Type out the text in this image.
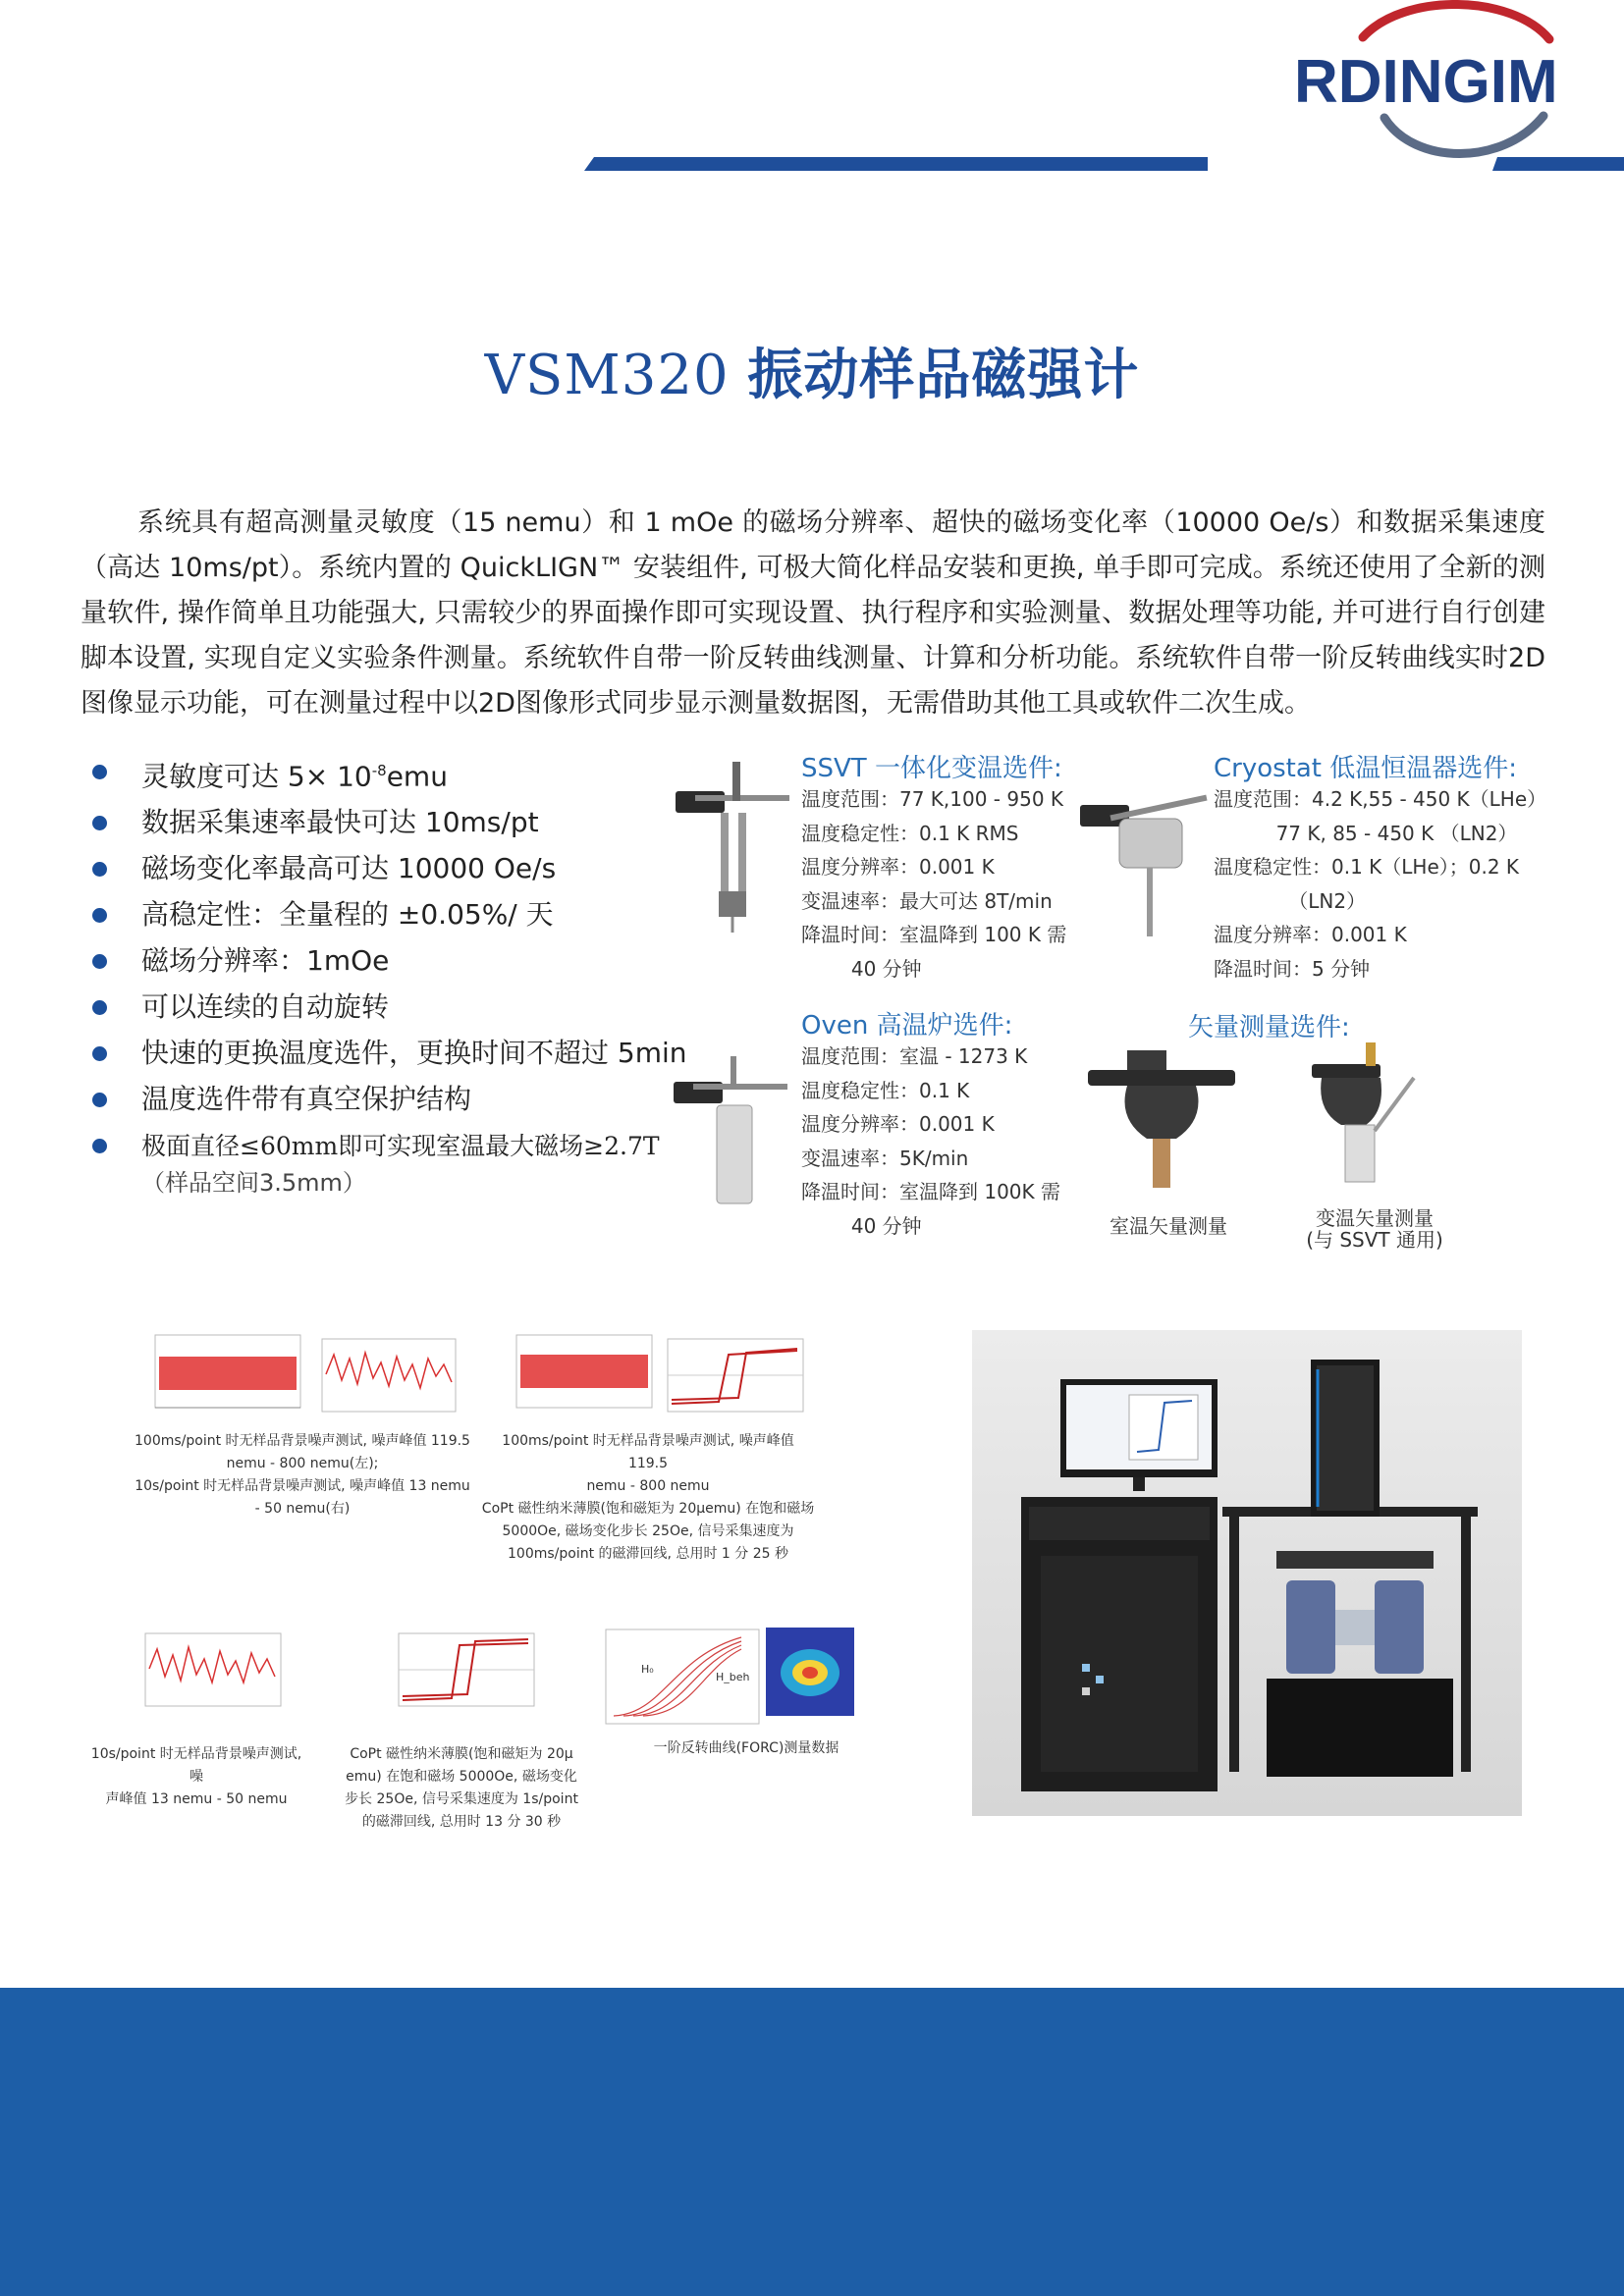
RDINGIM
VSM320 振动样品磁强计
系统具有超高测量灵敏度（15 nemu）和 1 mOe 的磁场分辨率、超快的磁场变化率（10000 Oe/s）和数据采集速度（高达 10ms/pt）。系统内置的 QuickLIGN™ 安装组件, 可极大简化样品安装和更换, 单手即可完成。系统还使用了全新的测量软件, 操作简单且功能强大, 只需较少的界面操作即可实现设置、执行程序和实验测量、数据处理等功能, 并可进行自行创建脚本设置, 实现自定义实验条件测量。系统软件自带一阶反转曲线测量、计算和分析功能。系统软件自带一阶反转曲线实时2D图像显示功能，可在测量过程中以2D图像形式同步显示测量数据图，无需借助其他工具或软件二次生成。
灵敏度可达 $5\times 10^{-8}emu$
数据采集速率最快可达 10ms/pt
磁场变化率最高可达 10000 Oe/s
高稳定性：全量程的 ±0.05%/ 天
磁场分辨率：1mOe
可以连续的自动旋转
快速的更换温度选件，更换时间不超过 5min
温度选件带有真空保护结构
极面直径≤60mm即可实现室温最大磁场≥2.7T
（样品空间3.5mm）
SSVT 一体化变温选件:
温度范围：77 K,100 - 950 K
温度稳定性：0.1 K RMS
温度分辨率：0.001 K
变温速率：最大可达 8T/min
降温时间：室温降到 100 K 需
40 分钟
Cryostat 低温恒温器选件:
温度范围：4.2 K,55 - 450 K（LHe）
77 K, 85 - 450 K （LN2）
温度稳定性：0.1 K（LHe）；0.2 K
（LN2）
温度分辨率：0.001 K
降温时间：5 分钟
Oven 高温炉选件:
温度范围：室温 - 1273 K
温度稳定性：0.1 K
温度分辨率：0.001 K
变温速率：5K/min
降温时间：室温降到 100K 需
40 分钟
矢量测量选件:
室温矢量测量	变温矢量测量
(与 SSVT 通用)
H₀
H_beh
100ms/point 时无样品背景噪声测试, 噪声峰值 119.5
nemu - 800 nemu(左);
10s/point 时无样品背景噪声测试, 噪声峰值 13 nemu
- 50 nemu(右)
100ms/point 时无样品背景噪声测试, 噪声峰值 119.5
nemu - 800 nemu
CoPt 磁性纳米薄膜(饱和磁矩为 20μemu) 在饱和磁场
5000Oe, 磁场变化步长 25Oe, 信号采集速度为
100ms/point 的磁滞回线, 总用时 1 分 25 秒
10s/point 时无样品背景噪声测试, 噪
声峰值 13 nemu - 50 nemu
CoPt 磁性纳米薄膜(饱和磁矩为 20μ
emu) 在饱和磁场 5000Oe, 磁场变化
步长 25Oe, 信号采集速度为 1s/point
的磁滞回线, 总用时 13 分 30 秒
一阶反转曲线(FORC)测量数据
